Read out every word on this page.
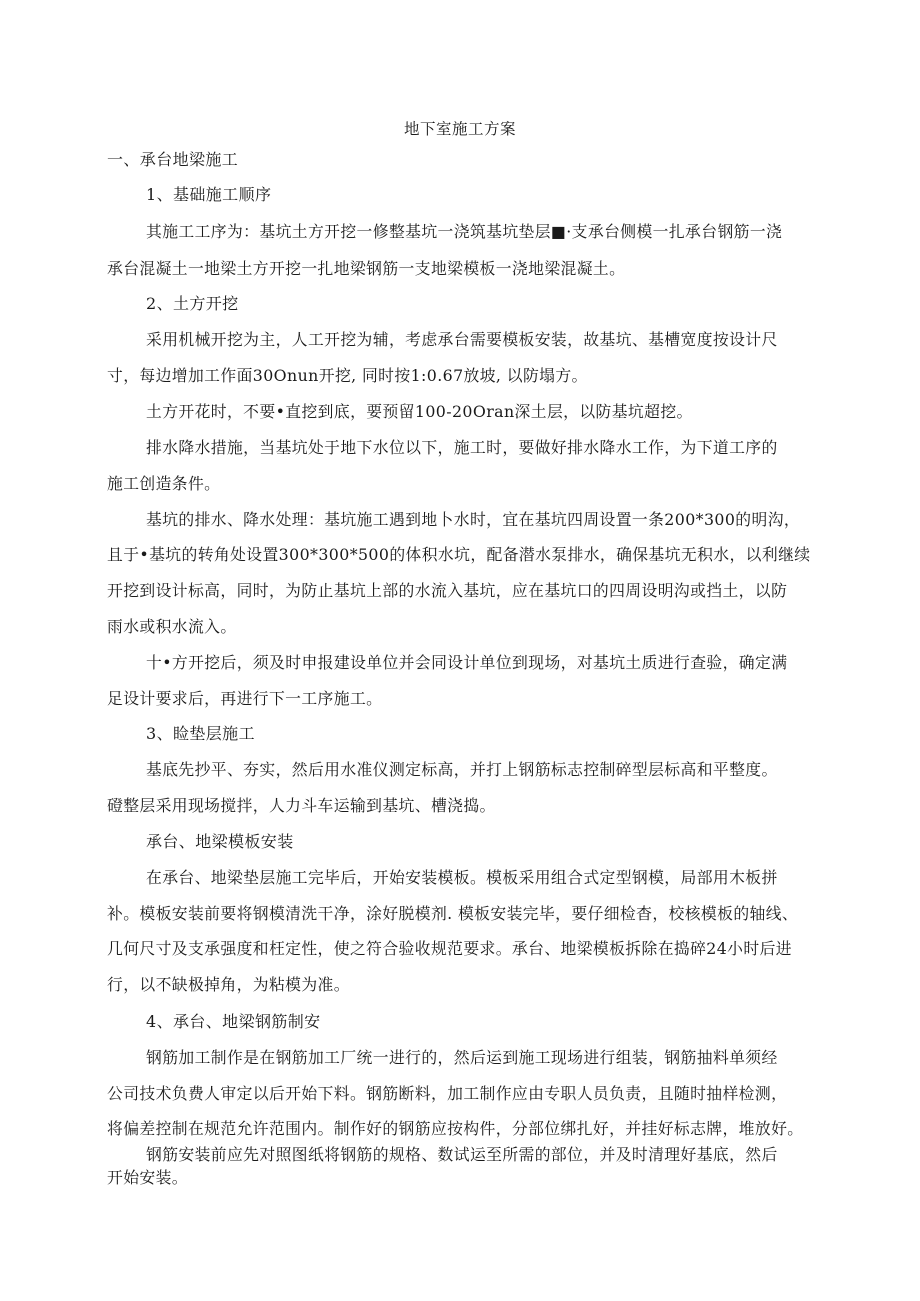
地下室施工方案
一、承台地梁施工
1、基础施工顺序
其施工工序为：基坑土方开挖一修整基坑一浇筑基坑垫层■·支承台侧模一扎承台钢筋一浇
承台混凝土一地梁土方开挖一扎地梁钢筋一支地梁模板一浇地梁混凝土。
2、土方开挖
采用机械开挖为主，人工开挖为辅，考虑承台需要模板安装，故基坑、基槽宽度按设计尺
寸，每边增加工作面30Onun开挖, 同时按1:0.67放坡, 以防塌方。
土方开花时，不要•直挖到底，要预留100-20Oran深土层，以防基坑超挖。
排水降水措施，当基坑处于地下水位以下，施工时，要做好排水降水工作，为下道工序的
施工创造条件。
基坑的排水、降水处理：基坑施工遇到地卜水时，宜在基坑四周设置一条200*300的明沟，
且于•基坑的转角处设置300*300*500的体积水坑，配备潜水泵排水，确保基坑无积水，以利继续
开挖到设计标高，同时，为防止基坑上部的水流入基坑，应在基坑口的四周设明沟或挡土，以防
雨水或积水流入。
十•方开挖后，须及时申报建设单位并会同设计单位到现场，对基坑土质进行查验，确定满
足设计要求后，再进行下一工序施工。
3、睑垫层施工
基底先抄平、夯实，然后用水准仪测定标高，并打上钢筋标志控制碎型层标高和平整度。
磴整层采用现场搅拌，人力斗车运输到基坑、槽浇捣。
承台、地梁模板安装
在承台、地梁垫层施工完毕后，开始安装模板。模板采用组合式定型钢模，局部用木板拼
补。模板安装前要将钢模清洗干净，涂好脱模剂. 模板安装完毕，要仔细检杳，校核模板的轴线、
几何尺寸及支承强度和枉定性，使之符合验收规范要求。承台、地梁模板拆除在捣碎24小时后进
行，以不缺极掉角，为粘模为准。
4、承台、地梁钢筋制安
钢筋加工制作是在钢筋加工厂统一进行的，然后运到施工现场进行组装，钢筋抽料单须经
公司技术负费人审定以后开始下料。钢筋断料，加工制作应由专职人员负责，且随时抽样检测，
将偏差控制在规范允许范围内。制作好的钢筋应按构件，分部位绑扎好，并挂好标志牌，堆放好。
钢筋安装前应先对照图纸将钢筋的规格、数试运至所需的部位，并及时清理好基底，然后
开始安装。
